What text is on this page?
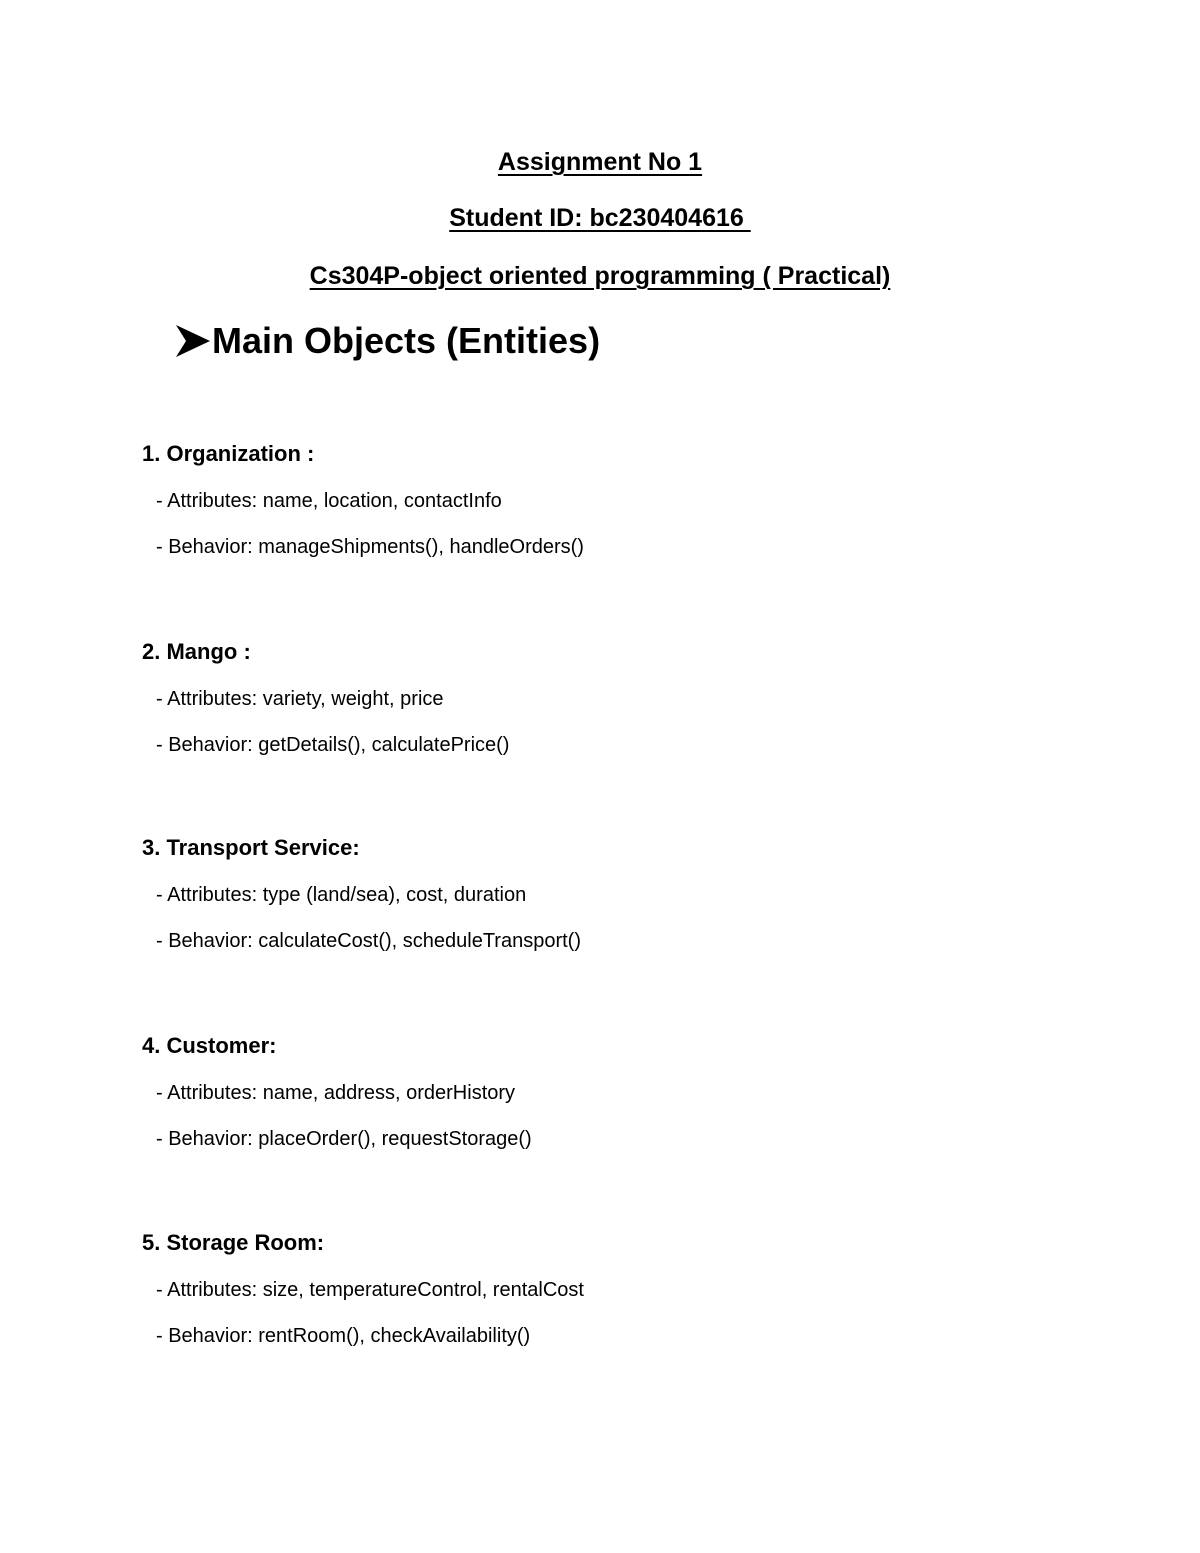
Assignment No 1
Student ID: bc230404616
Cs304P-object oriented programming ( Practical)
Main Objects (Entities)
1. Organization :
- Attributes: name, location, contactInfo
- Behavior: manageShipments(), handleOrders()
2. Mango :
- Attributes: variety, weight, price
- Behavior: getDetails(), calculatePrice()
3. Transport Service:
- Attributes: type (land/sea), cost, duration
- Behavior: calculateCost(), scheduleTransport()
4. Customer:
- Attributes: name, address, orderHistory
- Behavior: placeOrder(), requestStorage()
5. Storage Room:
- Attributes: size, temperatureControl, rentalCost
- Behavior: rentRoom(), checkAvailability()
